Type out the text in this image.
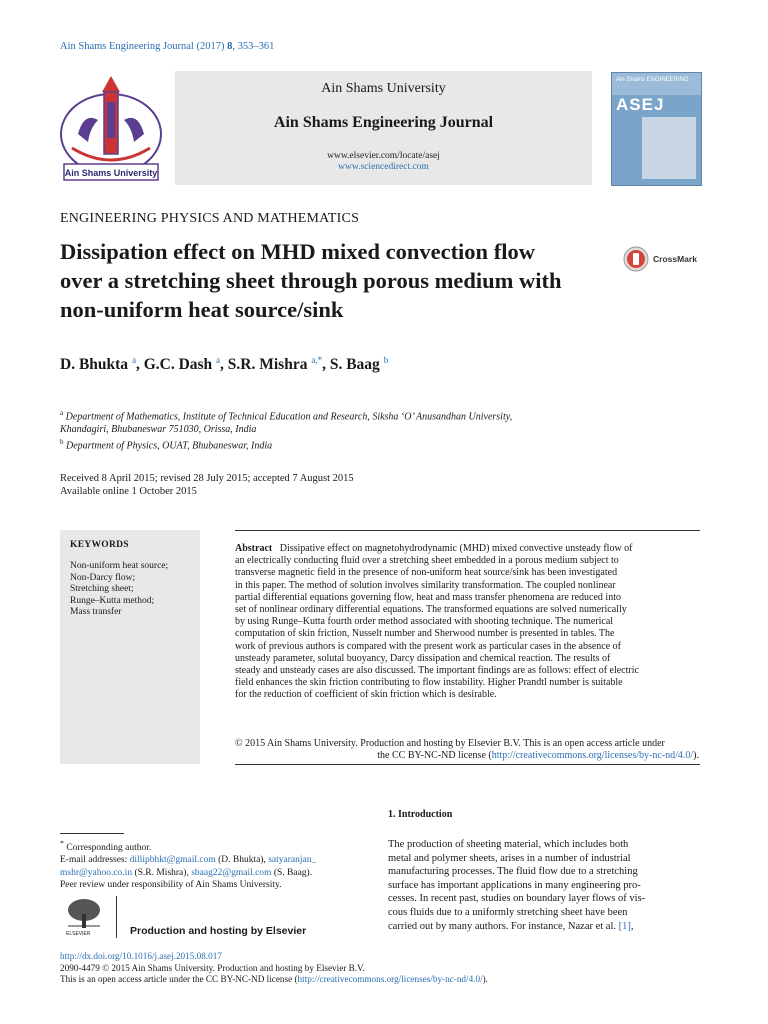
Ain Shams Engineering Journal (2017) 8, 353–361
Ain Shams University
Ain Shams University
Ain Shams Engineering Journal
www.elsevier.com/locate/asej
www.sciencedirect.com
Ain Shams ENGINEERING
ASEJ
ENGINEERING PHYSICS AND MATHEMATICS
Dissipation effect on MHD mixed convection flow
over a stretching sheet through porous medium with
non-uniform heat source/sink
CrossMark
D. Bhukta $^a$, G.C. Dash $^a$, S.R. Mishra $^{a,*}$, S. Baag $^b$
$^a$ Department of Mathematics, Institute of Technical Education and Research, Siksha ‘O’ Anusandhan University,
Khandagiri, Bhubaneswar 751030, Orissa, India
$^b$ Department of Physics, OUAT, Bhubaneswar, India
Received 8 April 2015; revised 28 July 2015; accepted 7 August 2015
Available online 1 October 2015
KEYWORDS
Non-uniform heat source;
Non-Darcy flow;
Stretching sheet;
Runge–Kutta method;
Mass transfer
Abstract Dissipative effect on magnetohydrodynamic (MHD) mixed convective unsteady flow of
an electrically conducting fluid over a stretching sheet embedded in a porous medium subject to
transverse magnetic field in the presence of non-uniform heat source/sink has been investigated
in this paper. The method of solution involves similarity transformation. The coupled nonlinear
partial differential equations governing flow, heat and mass transfer phenomena are reduced into
set of nonlinear ordinary differential equations. The transformed equations are solved numerically
by using Runge–Kutta fourth order method associated with shooting technique. The numerical
computation of skin friction, Nusselt number and Sherwood number is presented in tables. The
work of previous authors is compared with the present work as particular cases in the absence of
unsteady parameter, solutal buoyancy, Darcy dissipation and chemical reaction. The results of
steady and unsteady cases are also discussed. The important findings are as follows: effect of electric
field enhances the skin friction contributing to flow instability. Higher Prandtl number is suitable
for the reduction of coefficient of skin friction which is desirable.
© 2015 Ain Shams University. Production and hosting by Elsevier B.V. This is an open access article under
the CC BY-NC-ND license (http://creativecommons.org/licenses/by-nc-nd/4.0/).
1. Introduction
The production of sheeting material, which includes both
metal and polymer sheets, arises in a number of industrial
manufacturing processes. The fluid flow due to a stretching
surface has important applications in many engineering pro-
cesses. In recent past, studies on boundary layer flows of vis-
cous fluids due to a uniformly stretching sheet have been
carried out by many authors. For instance, Nazar et al. [1],
* Corresponding author.
E-mail addresses: dillipbhkt@gmail.com (D. Bhukta), satyaranjan_
mshr@yahoo.co.in (S.R. Mishra), sbaag22@gmail.com (S. Baag).
Peer review under responsibility of Ain Shams University.
ELSEVIER	Production and hosting by Elsevier
http://dx.doi.org/10.1016/j.asej.2015.08.017
2090-4479 © 2015 Ain Shams University. Production and hosting by Elsevier B.V.
This is an open access article under the CC BY-NC-ND license (http://creativecommons.org/licenses/by-nc-nd/4.0/).
